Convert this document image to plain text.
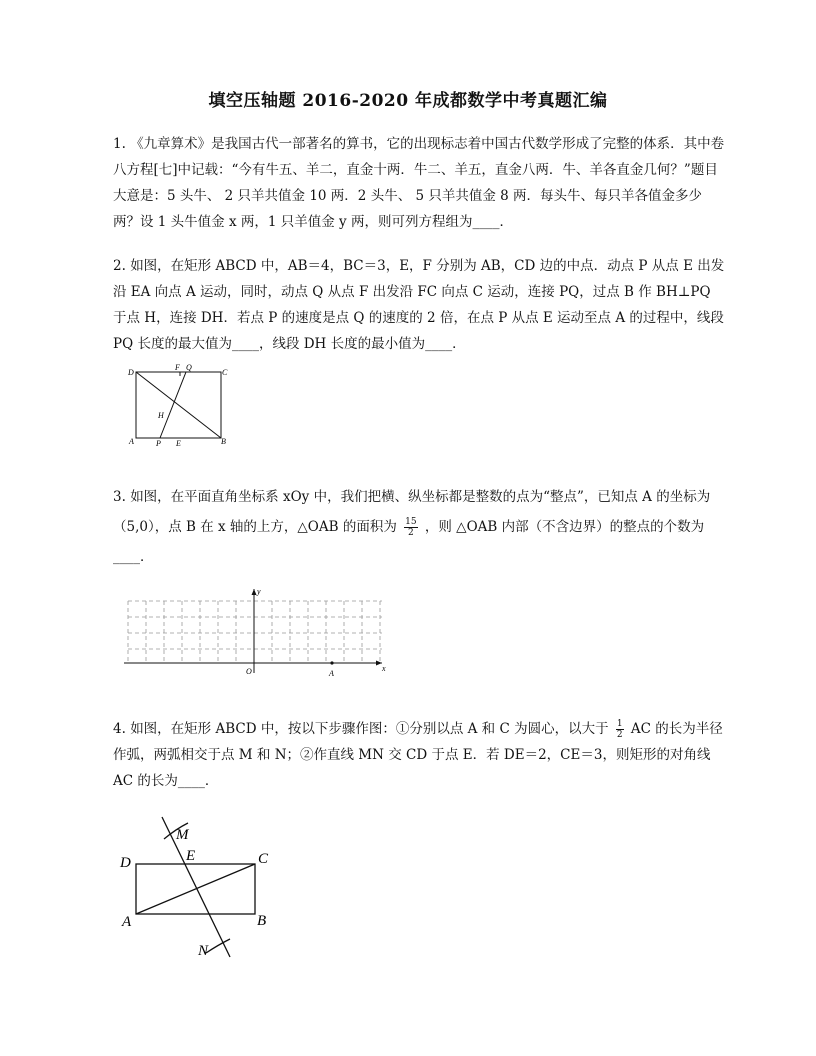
填空压轴题 2016-2020 年成都数学中考真题汇编
1. 《九章算术》是我国古代一部著名的算书，它的出现标志着中国古代数学形成了完整的体系．其中卷八方程[七]中记载：“今有牛五、羊二，直金十两．牛二、羊五，直金八两．牛、羊各直金几何？”题目大意是：5 头牛、 2 只羊共值金 10 两．2 头牛、 5 只羊共值金 8 两．每头牛、每只羊各值金多少两？设 1 头牛值金 x 两，1 只羊值金 y 两，则可列方程组为____．
2. 如图，在矩形 ABCD 中，AB＝4，BC＝3，E，F 分别为 AB，CD 边的中点．动点 P 从点 E 出发沿 EA 向点 A 运动，同时，动点 Q 从点 F 出发沿 FC 向点 C 运动，连接 PQ，过点 B 作 BH⊥PQ 于点 H，连接 DH．若点 P 的速度是点 Q 的速度的 2 倍，在点 P 从点 E 运动至点 A 的过程中，线段 PQ 长度的最大值为____，线段 DH 长度的最小值为____．
D
F Q
C
H
A	P E	B
3. 如图，在平面直角坐标系 xOy 中，我们把横、纵坐标都是整数的点为“整点”，已知点 A 的坐标为（5,0），点 B 在 x 轴的上方，△OAB 的面积为 $\frac{15}{2}$ ，则 △OAB 内部（不含边界）的整点的个数为____．
y
O	A
x
4. 如图，在矩形 ABCD 中，按以下步骤作图：①分别以点 A 和 C 为圆心，以大于 $\frac{1}{2}$ AC 的长为半径作弧，两弧相交于点 M 和 N；②作直线 MN 交 CD 于点 E．若 DE＝2，CE＝3，则矩形的对角线 AC 的长为____．
M
D	E	C
A	B
N
